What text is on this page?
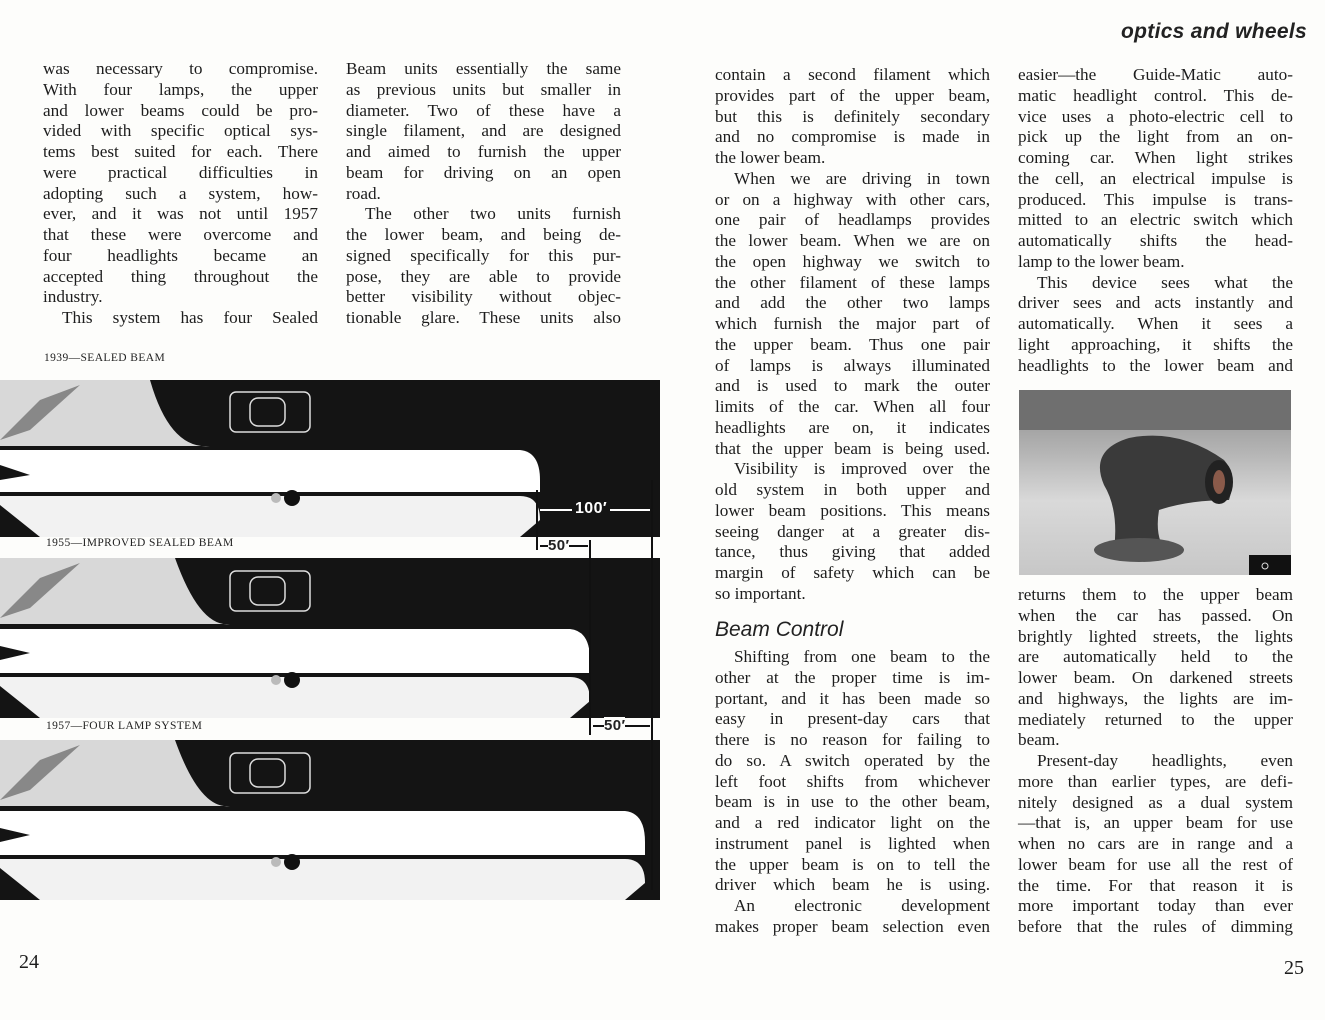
optics and wheels
was necessary to compromise.
With four lamps, the upper
and lower beams could be pro-
vided with specific optical sys-
tems best suited for each. There
were practical difficulties in
adopting such a system, how-
ever, and it was not until 1957
that these were overcome and
four headlights became an
accepted thing throughout the
industry.
This system has four Sealed
Beam units essentially the same
as previous units but smaller in
diameter. Two of these have a
single filament, and are designed
and aimed to furnish the upper
beam for driving on an open
road.
The other two units furnish
the lower beam, and being de-
signed specifically for this pur-
pose, they are able to provide
better visibility without objec-
tionable glare. These units also
contain a second filament which
provides part of the upper beam,
but this is definitely secondary
and no compromise is made in
the lower beam.
When we are driving in town
or on a highway with other cars,
one pair of headlamps provides
the lower beam. When we are on
the open highway we switch to
the other filament of these lamps
and add the other two lamps
which furnish the major part of
the upper beam. Thus one pair
of lamps is always illuminated
and is used to mark the outer
limits of the car. When all four
headlights are on, it indicates
that the upper beam is being used.
Visibility is improved over the
old system in both upper and
lower beam positions. This means
seeing danger at a greater dis-
tance, thus giving that added
margin of safety which can be
so important.
Beam Control
Shifting from one beam to the
other at the proper time is im-
portant, and it has been made so
easy in present-day cars that
there is no reason for failing to
do so. A switch operated by the
left foot shifts from whichever
beam is in use to the other beam,
and a red indicator light on the
instrument panel is lighted when
the upper beam is on to tell the
driver which beam he is using.
An electronic development
makes proper beam selection even
easier—the Guide-Matic auto-
matic headlight control. This de-
vice uses a photo-electric cell to
pick up the light from an on-
coming car. When light strikes
the cell, an electrical impulse is
produced. This impulse is trans-
mitted to an electric switch which
automatically shifts the head-
lamp to the lower beam.
This device sees what the
driver sees and acts instantly and
automatically. When it sees a
light approaching, it shifts the
headlights to the lower beam and
returns them to the upper beam
when the car has passed. On
brightly lighted streets, the lights
are automatically held to the
lower beam. On darkened streets
and highways, the lights are im-
mediately returned to the upper
beam.
Present-day headlights, even
more than earlier types, are defi-
nitely designed as a dual system
—that is, an upper beam for use
when no cars are in range and a
lower beam for use all the rest of
the time. For that reason it is
more important today than ever
before that the rules of dimming
1939—SEALED BEAM
1955—IMPROVED SEALED BEAM
1957—FOUR LAMP SYSTEM
100′
50′
50′
24	25
